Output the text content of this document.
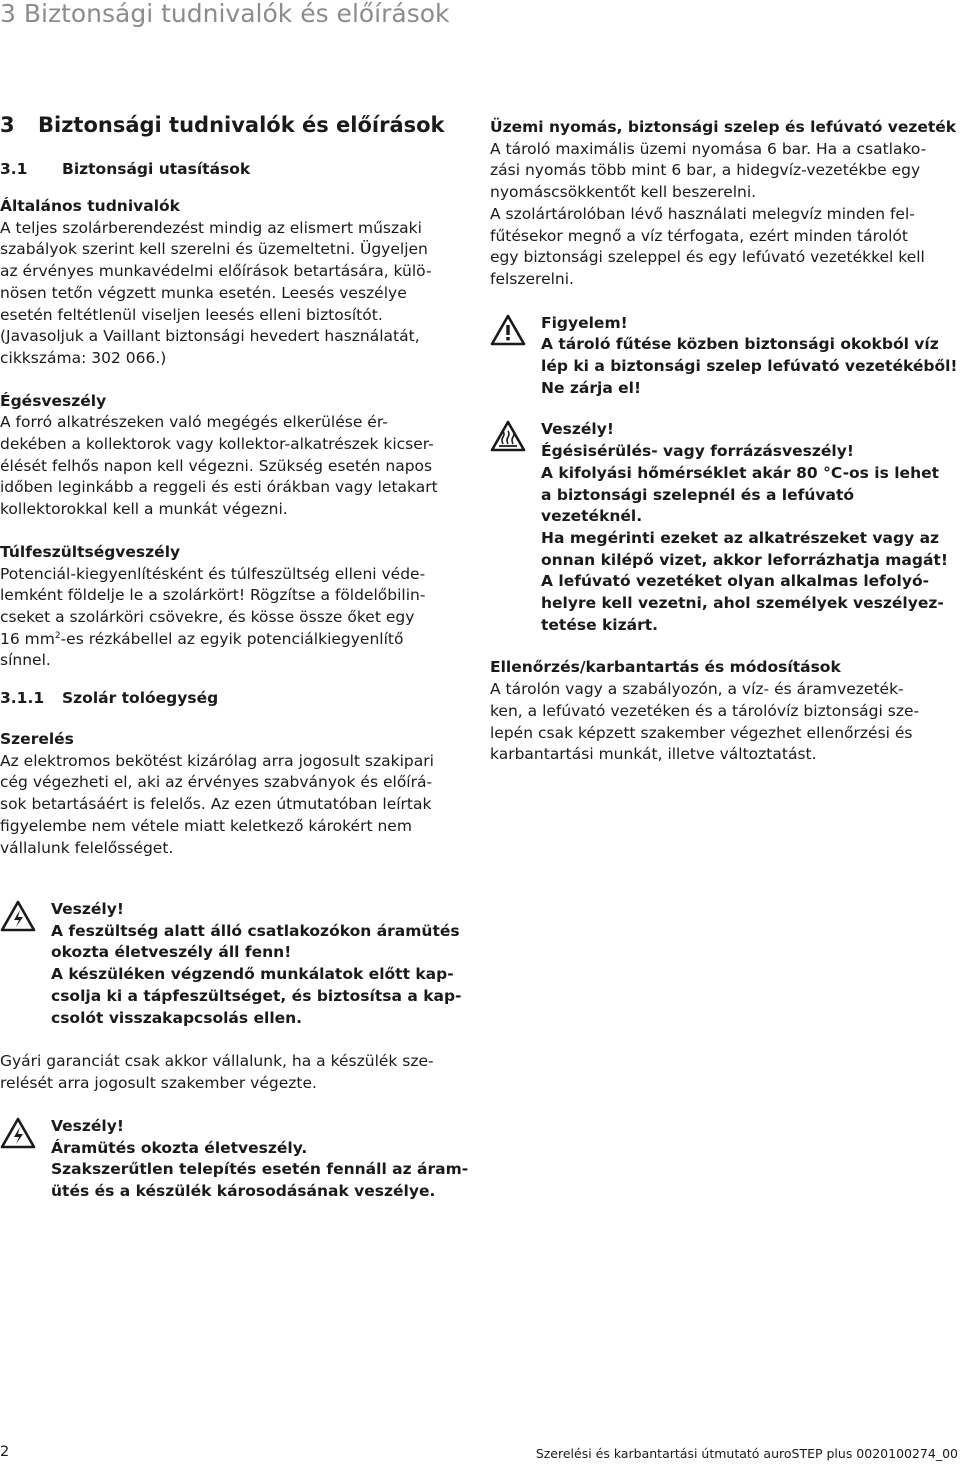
3 Biztonsági tudnivalók és előírások
3 Biztonsági tudnivalók és előírások
3.1 Biztonsági utasítások
Általános tudnivalók
A teljes szolárberendezést mindig az elismert műszaki
szabályok szerint kell szerelni és üzemeltetni. Ügyeljen
az érvényes munkavédelmi előírások betartására, külö-
nösen tetőn végzett munka esetén. Leesés veszélye
esetén feltétlenül viseljen leesés elleni biztosítót.
(Javasoljuk a Vaillant biztonsági hevedert használatát,
cikkszáma: 302 066.)
Égésveszély
A forró alkatrészeken való megégés elkerülése ér-
dekében a kollektorok vagy kollektor-alkatrészek kicser-
élését felhős napon kell végezni. Szükség esetén napos
időben leginkább a reggeli és esti órákban vagy letakart
kollektorokkal kell a munkát végezni.
Túlfeszültségveszély
Potenciál-kiegyenlítésként és túlfeszültség elleni véde-
lemként földelje le a szolárkört! Rögzítse a földelőbilin-
cseket a szolárköri csövekre, és kösse össze őket egy
16 $mm^2-es$ rézkábellel az egyik potenciálkiegyenlítő
sínnel.
3.1.1 Szolár tolóegység
Szerelés
Az elektromos bekötést kizárólag arra jogosult szakipari
cég végezheti el, aki az érvényes szabványok és előírá-
sok betartásáért is felelős. Az ezen útmutatóban leírtak
figyelembe nem vétele miatt keletkező károkért nem
vállalunk felelősséget.
Veszély!
A feszültség alatt álló csatlakozókon áramütés
okozta életveszély áll fenn!
A készüléken végzendő munkálatok előtt kap-
csolja ki a tápfeszültséget, és biztosítsa a kap-
csolót visszakapcsolás ellen.
Gyári garanciát csak akkor vállalunk, ha a készülék sze-
relését arra jogosult szakember végezte.
Veszély!
Áramütés okozta életveszély.
Szakszerűtlen telepítés esetén fennáll az áram-
ütés és a készülék károsodásának veszélye.
Üzemi nyomás, biztonsági szelep és lefúvató vezeték
A tároló maximális üzemi nyomása 6 bar. Ha a csatlako-
zási nyomás több mint 6 bar, a hidegvíz-vezetékbe egy
nyomáscsökkentőt kell beszerelni.
A szolártárolóban lévő használati melegvíz minden fel-
fűtésekor megnő a víz térfogata, ezért minden tárolót
egy biztonsági szeleppel és egy lefúvató vezetékkel kell
felszerelni.
Figyelem!
A tároló fűtése közben biztonsági okokból víz
lép ki a biztonsági szelep lefúvató vezetékéből!
Ne zárja el!
Veszély!
Égésisérülés- vagy forrázásveszély!
A kifolyási hőmérséklet akár 80 °C-os is lehet
a biztonsági szelepnél és a lefúvató vezetéknél.
Ha megérinti ezeket az alkatrészeket vagy az
onnan kilépő vizet, akkor leforrázhatja magát!
A lefúvató vezetéket olyan alkalmas lefolyó-
helyre kell vezetni, ahol személyek veszélyez-
tetése kizárt.
Ellenőrzés/karbantartás és módosítások
A tárolón vagy a szabályozón, a víz- és áramvezeték-
ken, a lefúvató vezetéken és a tárolóvíz biztonsági sze-
lepén csak képzett szakember végezhet ellenőrzési és
karbantartási munkát, illetve változtatást.
2	Szerelési és karbantartási útmutató auroSTEP plus 0020100274_00
